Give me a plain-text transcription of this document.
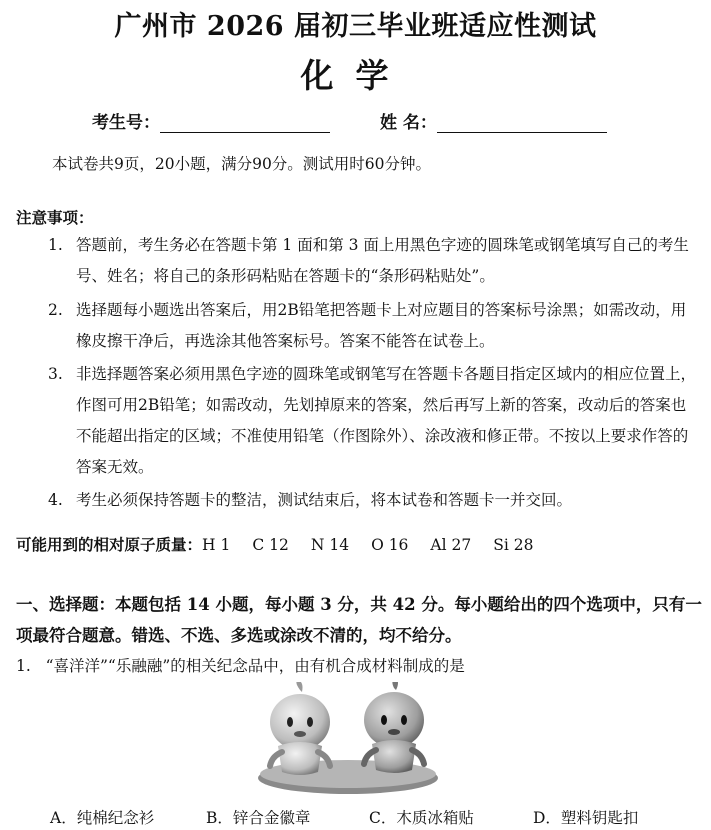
广州市 2026 届初三毕业班适应性测试
化学
考生号：	姓 名：
本试卷共9页，20小题，满分90分。测试用时60分钟。
注意事项：
1. 答题前，考生务必在答题卡第 1 面和第 3 面上用黑色字迹的圆珠笔或钢笔填写自己的考生号、姓名；将自己的条形码粘贴在答题卡的“条形码粘贴处”。
2. 选择题每小题选出答案后，用2B铅笔把答题卡上对应题目的答案标号涂黑；如需改动，用橡皮擦干净后，再选涂其他答案标号。答案不能答在试卷上。
3. 非选择题答案必须用黑色字迹的圆珠笔或钢笔写在答题卡各题目指定区域内的相应位置上，作图可用2B铅笔；如需改动，先划掉原来的答案，然后再写上新的答案，改动后的答案也不能超出指定的区域；不准使用铅笔（作图除外）、涂改液和修正带。不按以上要求作答的答案无效。
4. 考生必须保持答题卡的整洁，测试结束后，将本试卷和答题卡一并交回。
可能用到的相对原子质量：H 1 C 12 N 14 O 16 Al 27 Si 28
一、选择题：本题包括 14 小题，每小题 3 分，共 42 分。每小题给出的四个选项中，只有一项最符合题意。错选、不选、多选或涂改不清的，均不给分。
1. “喜洋洋”“乐融融”的相关纪念品中，由有机合成材料制成的是
A．纯棉纪念衫	B．锌合金徽章	C．木质冰箱贴	D．塑料钥匙扣
